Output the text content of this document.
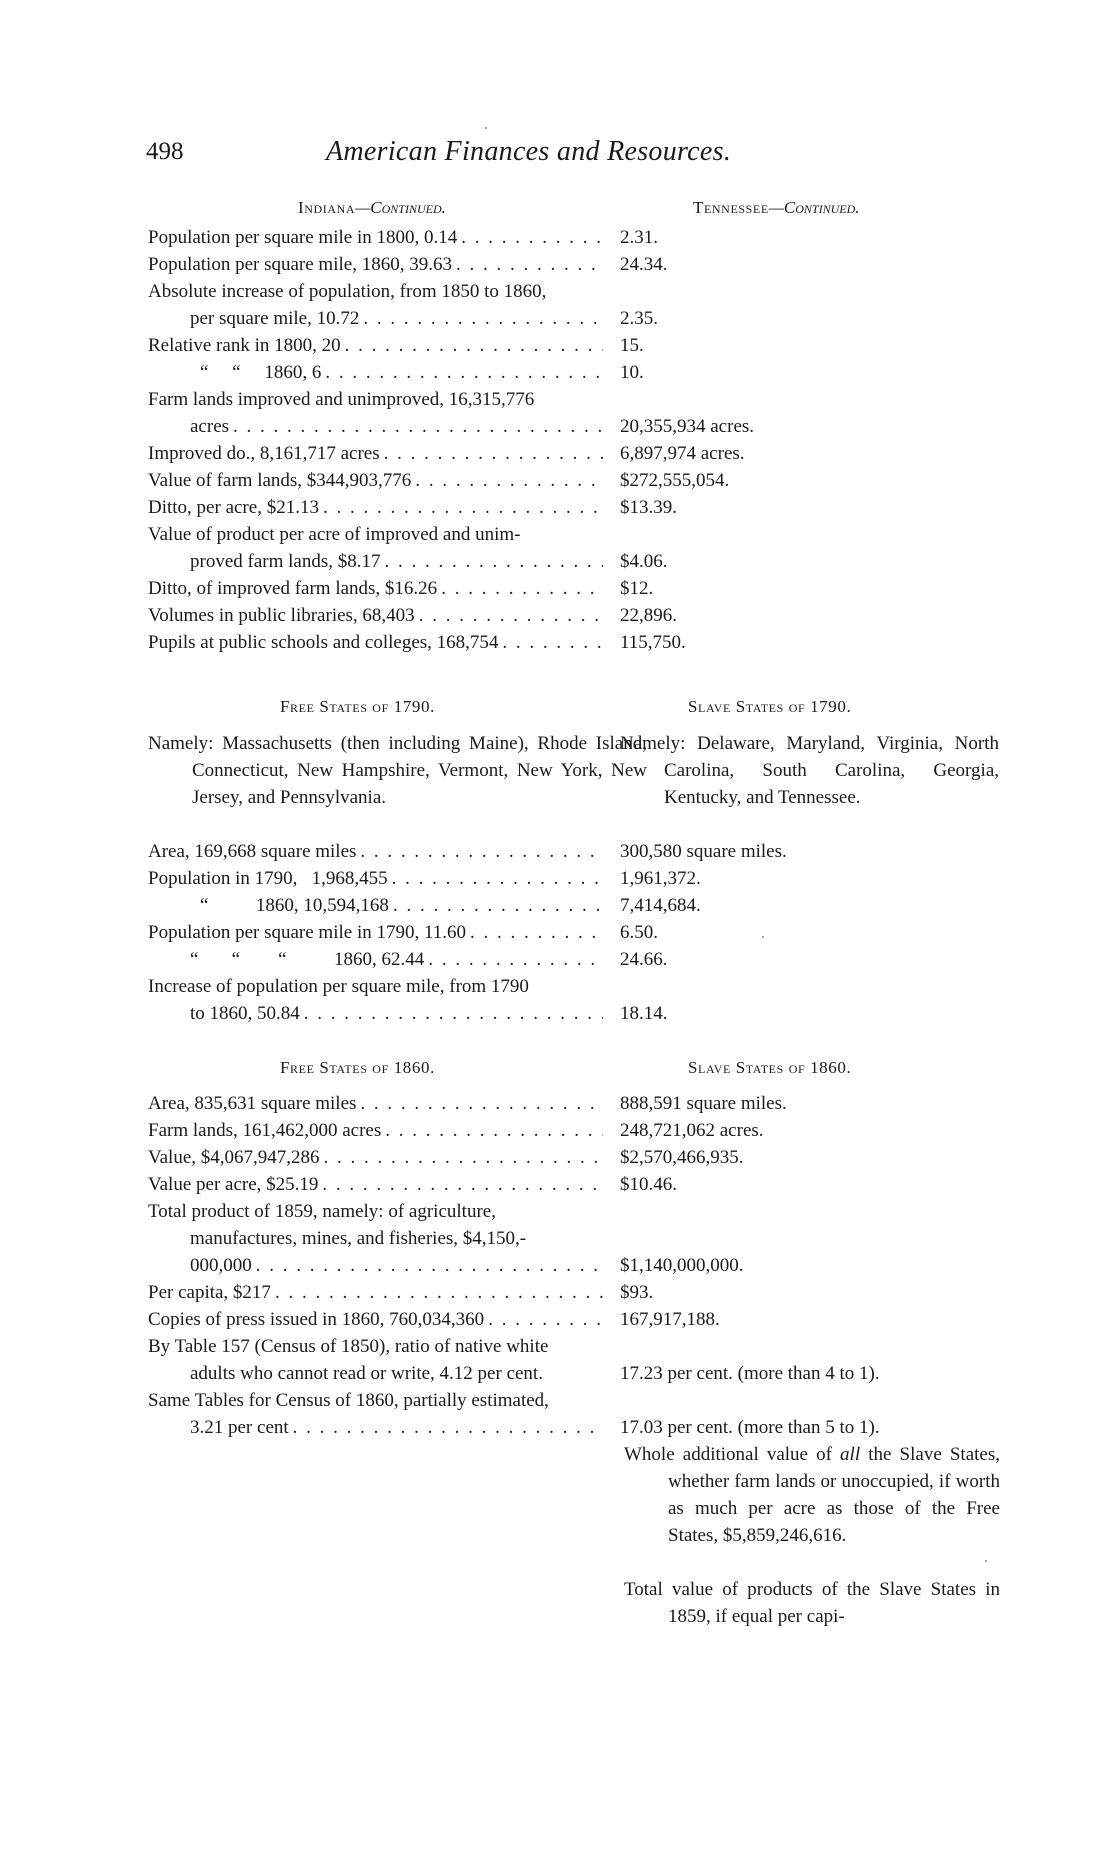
498	American Finances and Resources.
Indiana—Continued.	Tennessee—Continued.
Population per square mile in 1800, 0.14 . . .	2.31.
Population per square mile, 1860, 39.63 . . .	24.34.
Absolute increase of population, from 1850 to 1860,
per square mile, 10.72 . . .	2.35.
Relative rank in 1800, 20 . . .	15.
“     “     1860, 6 . . .	10.
Farm lands improved and unimproved, 16,315,776
acres . . .	20,355,934 acres.
Improved do., 8,161,717 acres . . .	6,897,974 acres.
Value of farm lands, $344,903,776 . . .	$272,555,054.
Ditto, per acre, $21.13 . . .	$13.39.
Value of product per acre of improved and unim-
proved farm lands, $8.17 . . .	$4.06.
Ditto, of improved farm lands, $16.26 . . .	$12.
Volumes in public libraries, 68,403 . . .	22,896.
Pupils at public schools and colleges, 168,754 . . .	115,750.
Free States of 1790.	Slave States of 1790.

Namely: Massachusetts (then including Maine), Rhode Island, Connecticut, New Hampshire, Vermont, New York, New Jersey, and Pennsylvania.

Namely: Delaware, Maryland, Virginia, North Carolina, South Carolina, Georgia, Kentucky, and Tennessee.

Area, 169,668 square miles . . .	300,580 square miles.
Population in 1790,   1,968,455 . . .	1,961,372.
“          1860, 10,594,168 . . .	7,414,684.
Population per square mile in 1790, 11.60 . . .	6.50.
“       “        “          1860, 62.44 . . .	24.66.
Increase of population per square mile, from 1790
to 1860, 50.84 . . .	18.14.
Free States of 1860.	Slave States of 1860.
Area, 835,631 square miles . . .	888,591 square miles.
Farm lands, 161,462,000 acres . . .	248,721,062 acres.
Value, $4,067,947,286 . . .	$2,570,466,935.
Value per acre, $25.19 . . .	$10.46.
Total product of 1859, namely: of agriculture,
manufactures, mines, and fisheries, $4,150,-
000,000 . . .	$1,140,000,000.
Per capita, $217 . . .	$93.
Copies of press issued in 1860, 760,034,360 . . .	167,917,188.
By Table 157 (Census of 1850), ratio of native white
adults who cannot read or write, 4.12 per cent.	17.23 per cent. (more than 4 to 1).
Same Tables for Census of 1860, partially estimated,
3.21 per cent . . .	17.03 per cent. (more than 5 to 1).

Whole additional value of all the Slave States, whether farm lands or unoccupied, if worth as much per acre as those of the Free States, $5,859,246,616.

Total value of products of the Slave States in 1859, if equal per capi-
